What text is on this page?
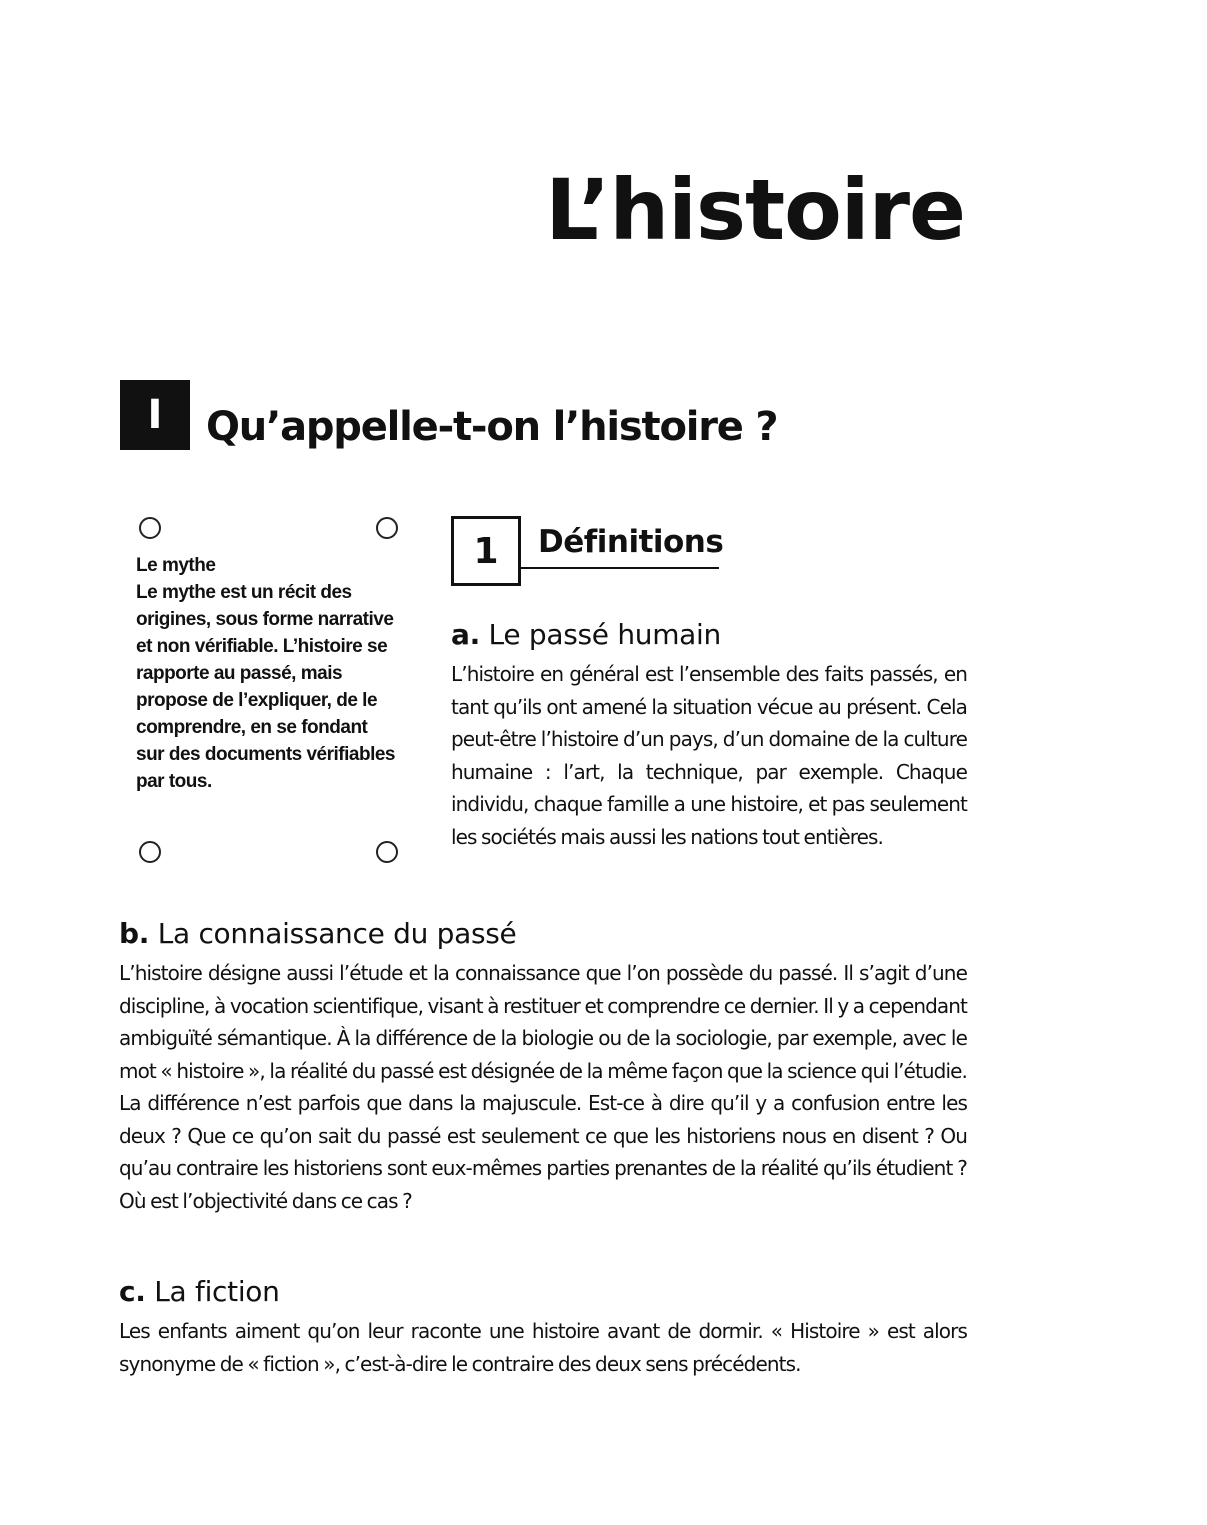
L’histoire
I	Qu’appelle-t-on l’histoire ?

Le mythe

Le mythe est un récit des origines, sous forme narrative et non vérifiable. L’histoire se rapporte au passé, mais propose de l’expliquer, de le comprendre, en se fondant sur des documents vérifiables par tous.

1	Définitions
a. Le passé humain

L’histoire en général est l’ensemble des faits passés, en tant qu’ils ont amené la situation vécue au présent. Cela peut-être l’histoire d’un pays, d’un domaine de la culture humaine : l’art, la technique, par exemple. Chaque individu, chaque famille a une histoire, et pas seulement les sociétés mais aussi les nations tout entières.

b. La connaissance du passé

L’histoire désigne aussi l’étude et la connaissance que l’on possède du passé. Il s’agit d’une discipline, à vocation scientifique, visant à restituer et comprendre ce dernier. Il y a cependant ambiguïté sémantique. À la différence de la biologie ou de la sociologie, par exemple, avec le mot « histoire », la réalité du passé est désignée de la même façon que la science qui l’étudie. La différence n’est parfois que dans la majuscule. Est-ce à dire qu’il y a confusion entre les deux ? Que ce qu’on sait du passé est seulement ce que les historiens nous en disent ? Ou qu’au contraire les historiens sont eux-mêmes parties prenantes de la réalité qu’ils étudient ? Où est l’objectivité dans ce cas ?

c. La fiction

Les enfants aiment qu’on leur raconte une histoire avant de dormir. « Histoire » est alors synonyme de « fiction », c’est-à-dire le contraire des deux sens précédents.
